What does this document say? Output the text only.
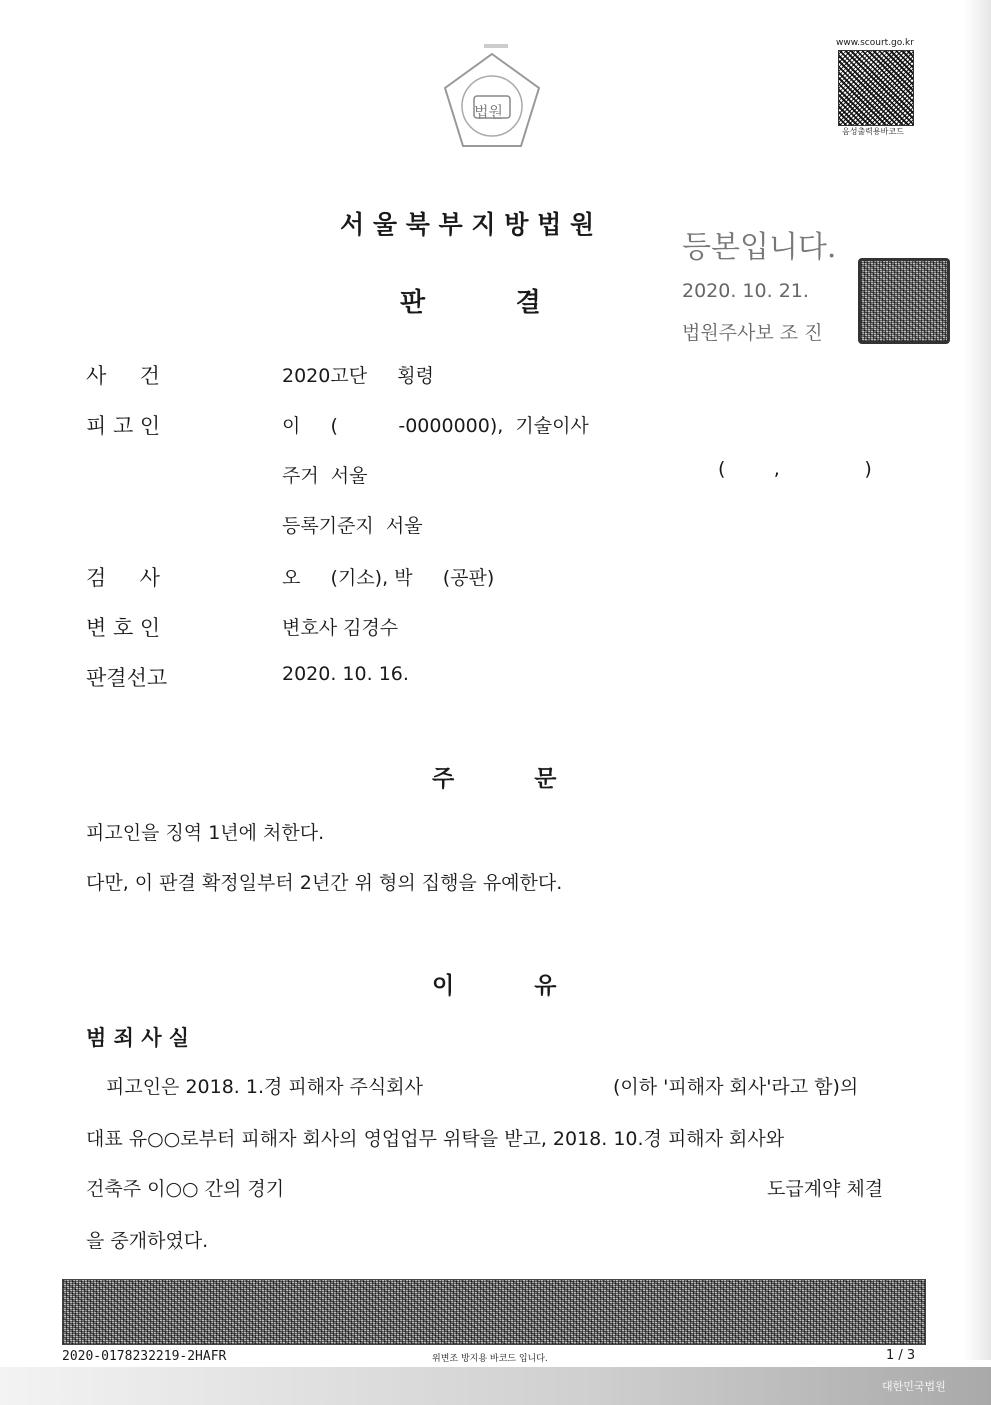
법원
www.scourt.go.kr
음성출력용바코드
서 울 북 부 지 방 법 원
판          결
등본입니다.
2020. 10. 21.
법원주사보 조 진
사     건	2020고단     횡령
피 고 인	이     (          -0000000),  기술이사
주거  서울
등록기준지  서울
검     사	오     (기소), 박     (공판)
변 호 인	변호사 김경수
판결선고	2020. 10. 16.
(        ,              )
주          문
피고인을 징역 1년에 처한다.
다만, 이 판결 확정일부터 2년간 위 형의 집행을 유예한다.
이          유
범 죄 사 실
피고인은 2018. 1.경 피해자 주식회사	(이하 '피해자 회사'라고 함)의
대표 유○○로부터 피해자 회사의 영업업무 위탁을 받고, 2018. 10.경 피해자 회사와
건축주 이○○ 간의 경기	도급계약 체결
을 중개하였다.
2020-0178232219-2HAFR	위변조 방지용 바코드 입니다.	1 / 3
대한민국법원
